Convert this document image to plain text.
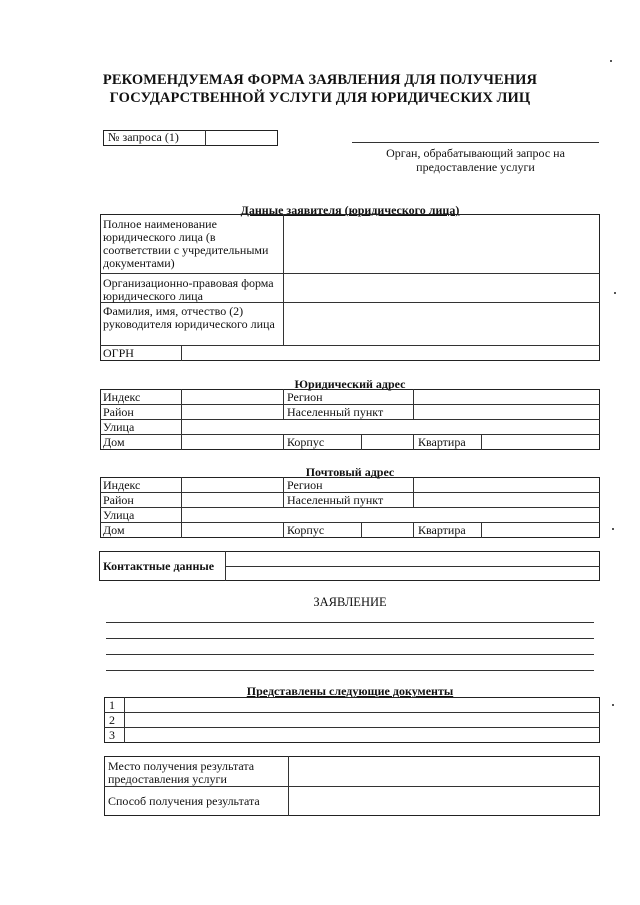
РЕКОМЕНДУЕМАЯ ФОРМА ЗАЯВЛЕНИЯ ДЛЯ ПОЛУЧЕНИЯ
ГОСУДАРСТВЕННОЙ УСЛУГИ ДЛЯ ЮРИДИЧЕСКИХ ЛИЦ
№ запроса (1)
Орган, обрабатывающий запрос на
предоставление услуги
Данные заявителя (юридического лица)
Полное наименование юридического лица (в соответствии с учредительными документами)
Организационно-правовая форма юридического лица
Фамилия, имя, отчество (2) руководителя юридического лица
ОГРН
Юридический адрес
Индекс	Регион
Район	Населенный пункт
Улица
Дом	Корпус	Квартира
Почтовый адрес
Индекс	Регион
Район	Населенный пункт
Улица
Дом	Корпус	Квартира
Контактные данные
ЗАЯВЛЕНИЕ
Представлены следующие документы
1
2
3
Место получения результата предоставления услуги
Способ получения результата
